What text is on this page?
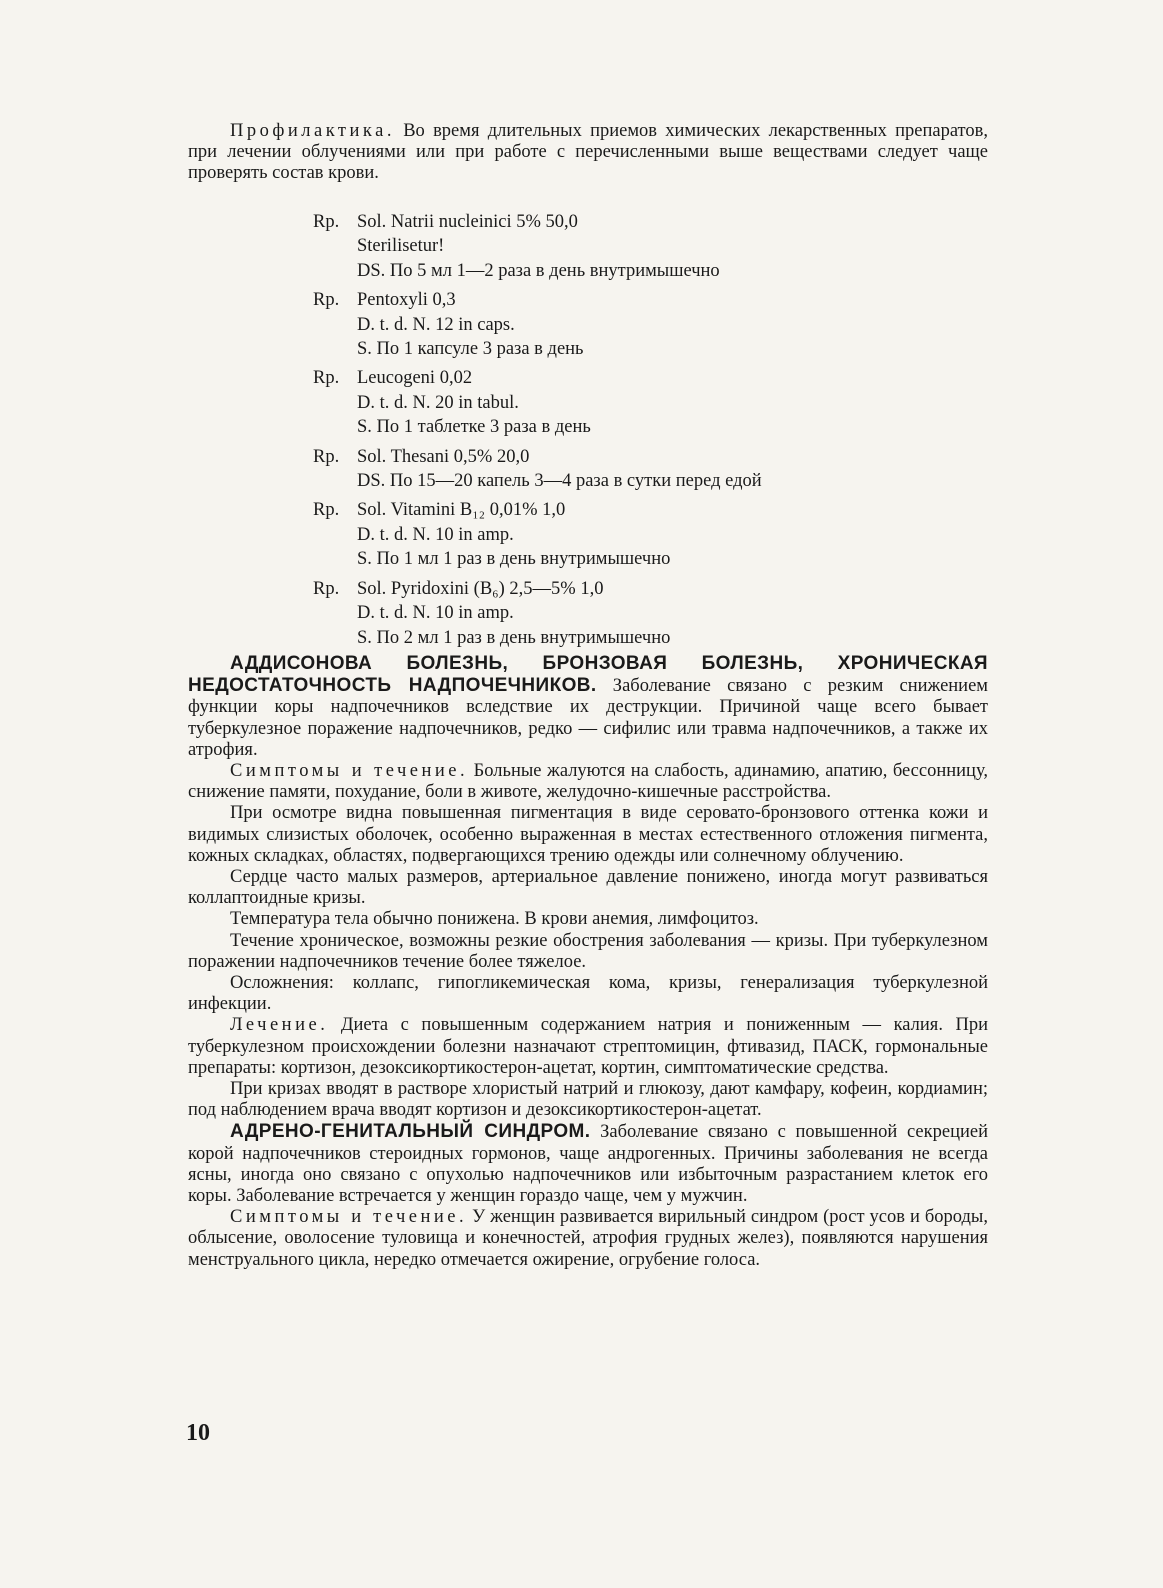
Профилактика. Во время длительных приемов химических лекарственных препаратов, при лечении облучениями или при работе с перечисленными выше веществами следует чаще проверять состав крови.

Rp. Sol. Natrii nucleinici 5% 50,0
Sterilisetur!
DS. По 5 мл 1—2 раза в день внутримышечно
Rp. Pentoxyli 0,3
D. t. d. N. 12 in caps.
S. По 1 капсуле 3 раза в день
Rp. Leucogeni 0,02
D. t. d. N. 20 in tabul.
S. По 1 таблетке 3 раза в день
Rp. Sol. Thesani 0,5% 20,0
DS. По 15—20 капель 3—4 раза в сутки перед едой
Rp. Sol. Vitamini B₁₂ 0,01% 1,0
D. t. d. N. 10 in amp.
S. По 1 мл 1 раз в день внутримышечно
Rp. Sol. Pyridoxini (B₆) 2,5—5% 1,0
D. t. d. N. 10 in amp.
S. По 2 мл 1 раз в день внутримышечно

АДДИСОНОВА БОЛЕЗНЬ, БРОНЗОВАЯ БОЛЕЗНЬ, ХРОНИЧЕСКАЯ НЕДОСТАТОЧНОСТЬ НАДПОЧЕЧНИКОВ. Заболевание связано с резким снижением функции коры надпочечников вследствие их деструкции. Причиной чаще всего бывает туберкулезное поражение надпочечников, редко — сифилис или травма надпочечников, а также их атрофия.

Симптомы и течение. Больные жалуются на слабость, адинамию, апатию, бессонницу, снижение памяти, похудание, боли в животе, желудочно-кишечные расстройства.

При осмотре видна повышенная пигментация в виде серовато-бронзового оттенка кожи и видимых слизистых оболочек, особенно выраженная в местах естественного отложения пигмента, кожных складках, областях, подвергающихся трению одежды или солнечному облучению.

Сердце часто малых размеров, артериальное давление понижено, иногда могут развиваться коллаптоидные кризы.

Температура тела обычно понижена. В крови анемия, лимфоцитоз.

Течение хроническое, возможны резкие обострения заболевания — кризы. При туберкулезном поражении надпочечников течение более тяжелое.

Осложнения: коллапс, гипогликемическая кома, кризы, генерализация туберкулезной инфекции.

Лечение. Диета с повышенным содержанием натрия и пониженным — калия. При туберкулезном происхождении болезни назначают стрептомицин, фтивазид, ПАСК, гормональные препараты: кортизон, дезоксикортикостерон-ацетат, кортин, симптоматические средства.

При кризах вводят в растворе хлористый натрий и глюкозу, дают камфару, кофеин, кордиамин; под наблюдением врача вводят кортизон и дезоксикортикостерон-ацетат.

АДРЕНО-ГЕНИТАЛЬНЫЙ СИНДРОМ. Заболевание связано с повышенной секрецией корой надпочечников стероидных гормонов, чаще андрогенных. Причины заболевания не всегда ясны, иногда оно связано с опухолью надпочечников или избыточным разрастанием клеток его коры. Заболевание встречается у женщин гораздо чаще, чем у мужчин.

Симптомы и течение. У женщин развивается вирильный синдром (рост усов и бороды, облысение, оволосение туловища и конечностей, атрофия грудных желез), появляются нарушения менструального цикла, нередко отмечается ожирение, огрубение голоса.

10
